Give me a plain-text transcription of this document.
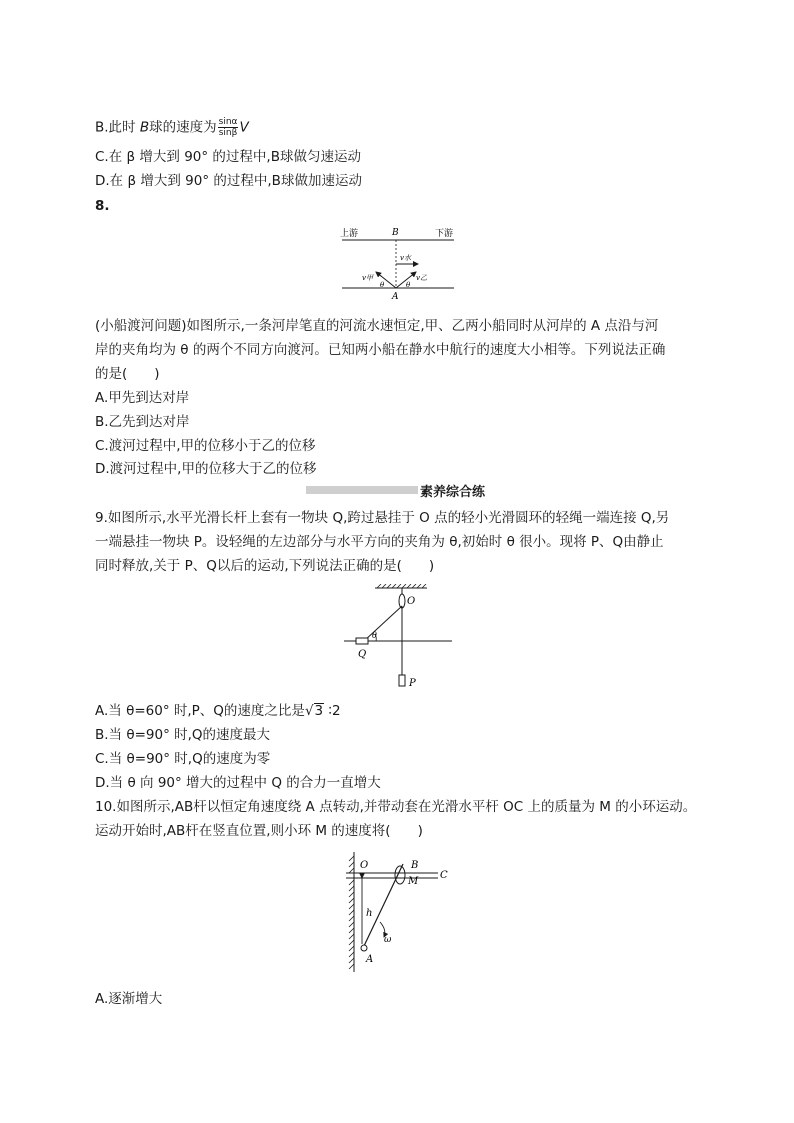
B.此时 B球的速度为 $\frac{\sin\alpha}{\sin\beta}$ V
C.在 β 增大到 90° 的过程中,B球做匀速运动
D.在 β 增大到 90° 的过程中,B球做加速运动
8.
上游	下游
B
A
v水
v甲	v乙
θ	θ
(小船渡河问题)如图所示,一条河岸笔直的河流水速恒定,甲、乙两小船同时从河岸的 A 点沿与河
岸的夹角均为 θ 的两个不同方向渡河。已知两小船在静水中航行的速度大小相等。下列说法正确
的是(　　)
A.甲先到达对岸
B.乙先到达对岸
C.渡河过程中,甲的位移小于乙的位移
D.渡河过程中,甲的位移大于乙的位移
素养综合练
9.如图所示,水平光滑长杆上套有一物块 Q,跨过悬挂于 O 点的轻小光滑圆环的轻绳一端连接 Q,另
一端悬挂一物块 P。设轻绳的左边部分与水平方向的夹角为 θ,初始时 θ 很小。现将 P、Q由静止
同时释放,关于 P、Q以后的运动,下列说法正确的是(　　)
O
θ
Q
P
A.当 θ=60° 时,P、Q的速度之比是√3 ∶2
B.当 θ=90° 时,Q的速度最大
C.当 θ=90° 时,Q的速度为零
D.当 θ 向 90° 增大的过程中 Q 的合力一直增大
10.如图所示,AB杆以恒定角速度绕 A 点转动,并带动套在光滑水平杆 OC 上的质量为 M 的小环运动。
运动开始时,AB杆在竖直位置,则小环 M 的速度将(　　)
O	B
M
C
h
ω
A
A.逐渐增大
